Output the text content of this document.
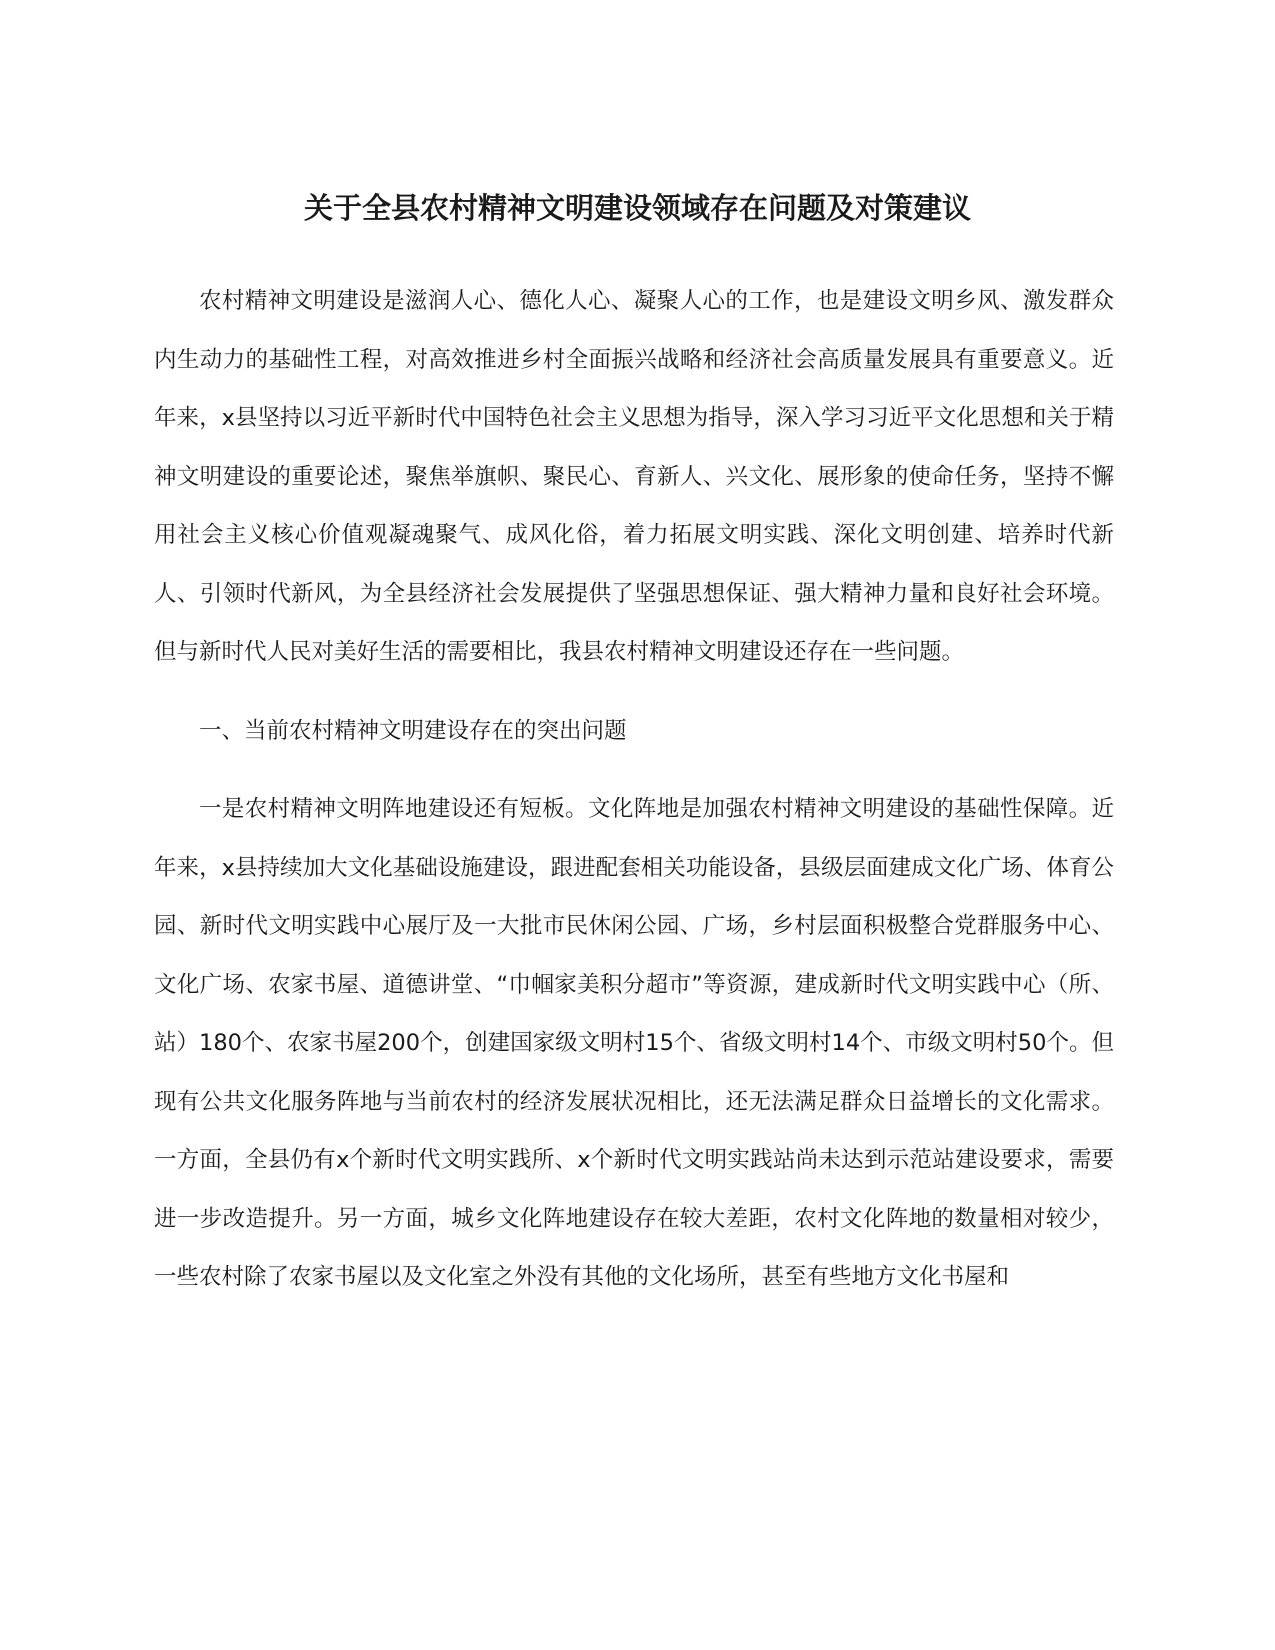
关于全县农村精神文明建设领域存在问题及对策建议

农村精神文明建设是滋润人心、德化人心、凝聚人心的工作，也是建设文明乡风、激发群众内生动力的基础性工程，对高效推进乡村全面振兴战略和经济社会高质量发展具有重要意义。近年来，x县坚持以习近平新时代中国特色社会主义思想为指导，深入学习习近平文化思想和关于精神文明建设的重要论述，聚焦举旗帜、聚民心、育新人、兴文化、展形象的使命任务，坚持不懈用社会主义核心价值观凝魂聚气、成风化俗，着力拓展文明实践、深化文明创建、培养时代新人、引领时代新风，为全县经济社会发展提供了坚强思想保证、强大精神力量和良好社会环境。但与新时代人民对美好生活的需要相比，我县农村精神文明建设还存在一些问题。

一、当前农村精神文明建设存在的突出问题

一是农村精神文明阵地建设还有短板。文化阵地是加强农村精神文明建设的基础性保障。近年来，x县持续加大文化基础设施建设，跟进配套相关功能设备，县级层面建成文化广场、体育公园、新时代文明实践中心展厅及一大批市民休闲公园、广场，乡村层面积极整合党群服务中心、文化广场、农家书屋、道德讲堂、“巾帼家美积分超市”等资源，建成新时代文明实践中心（所、站）180个、农家书屋200个，创建国家级文明村15个、省级文明村14个、市级文明村50个。但现有公共文化服务阵地与当前农村的经济发展状况相比，还无法满足群众日益增长的文化需求。一方面，全县仍有x个新时代文明实践所、x个新时代文明实践站尚未达到示范站建设要求，需要进一步改造提升。另一方面，城乡文化阵地建设存在较大差距，农村文化阵地的数量相对较少，一些农村除了农家书屋以及文化室之外没有其他的文化场所，甚至有些地方文化书屋和
